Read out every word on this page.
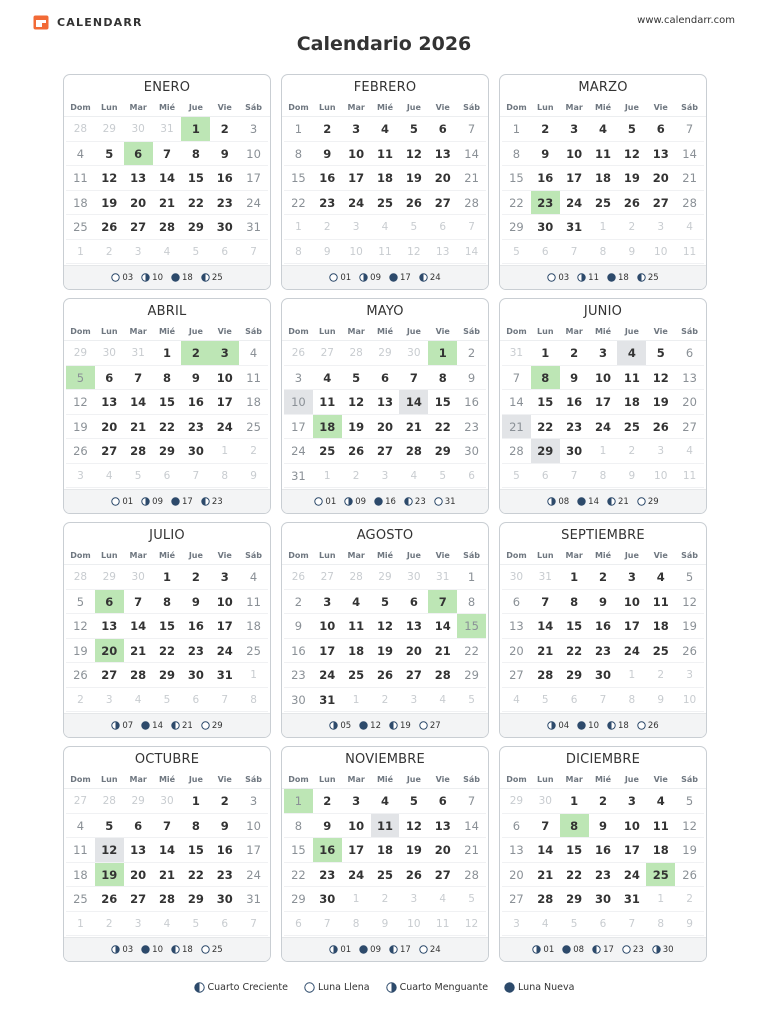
CALENDARR	www.calendarr.com
Calendario 2026
ENERO
Dom	Lun	Mar	Mié	Jue	Vie	Sáb
28	29	30	31	1	2	3
4	5	6	7	8	9	10
11	12	13	14	15	16	17
18	19	20	21	22	23	24
25	26	27	28	29	30	31
1	2	3	4	5	6	7
03 10 18 25
FEBRERO
Dom	Lun	Mar	Mié	Jue	Vie	Sáb
1	2	3	4	5	6	7
8	9	10	11	12	13	14
15	16	17	18	19	20	21
22	23	24	25	26	27	28
1	2	3	4	5	6	7
8	9	10	11	12	13	14
01 09 17 24
MARZO
Dom	Lun	Mar	Mié	Jue	Vie	Sáb
1	2	3	4	5	6	7
8	9	10	11	12	13	14
15	16	17	18	19	20	21
22	23	24	25	26	27	28
29	30	31	1	2	3	4
5	6	7	8	9	10	11
03 11 18 25
ABRIL
Dom	Lun	Mar	Mié	Jue	Vie	Sáb
29	30	31	1	2	3	4
5	6	7	8	9	10	11
12	13	14	15	16	17	18
19	20	21	22	23	24	25
26	27	28	29	30	1	2
3	4	5	6	7	8	9
01 09 17 23
MAYO
Dom	Lun	Mar	Mié	Jue	Vie	Sáb
26	27	28	29	30	1	2
3	4	5	6	7	8	9
10	11	12	13	14	15	16
17	18	19	20	21	22	23
24	25	26	27	28	29	30
31	1	2	3	4	5	6
01 09 16 23 31
JUNIO
Dom	Lun	Mar	Mié	Jue	Vie	Sáb
31	1	2	3	4	5	6
7	8	9	10	11	12	13
14	15	16	17	18	19	20
21	22	23	24	25	26	27
28	29	30	1	2	3	4
5	6	7	8	9	10	11
08 14 21 29
JULIO
Dom	Lun	Mar	Mié	Jue	Vie	Sáb
28	29	30	1	2	3	4
5	6	7	8	9	10	11
12	13	14	15	16	17	18
19	20	21	22	23	24	25
26	27	28	29	30	31	1
2	3	4	5	6	7	8
07 14 21 29
AGOSTO
Dom	Lun	Mar	Mié	Jue	Vie	Sáb
26	27	28	29	30	31	1
2	3	4	5	6	7	8
9	10	11	12	13	14	15
16	17	18	19	20	21	22
23	24	25	26	27	28	29
30	31	1	2	3	4	5
05 12 19 27
SEPTIEMBRE
Dom	Lun	Mar	Mié	Jue	Vie	Sáb
30	31	1	2	3	4	5
6	7	8	9	10	11	12
13	14	15	16	17	18	19
20	21	22	23	24	25	26
27	28	29	30	1	2	3
4	5	6	7	8	9	10
04 10 18 26
OCTUBRE
Dom	Lun	Mar	Mié	Jue	Vie	Sáb
27	28	29	30	1	2	3
4	5	6	7	8	9	10
11	12	13	14	15	16	17
18	19	20	21	22	23	24
25	26	27	28	29	30	31
1	2	3	4	5	6	7
03 10 18 25
NOVIEMBRE
Dom	Lun	Mar	Mié	Jue	Vie	Sáb
1	2	3	4	5	6	7
8	9	10	11	12	13	14
15	16	17	18	19	20	21
22	23	24	25	26	27	28
29	30	1	2	3	4	5
6	7	8	9	10	11	12
01 09 17 24
DICIEMBRE
Dom	Lun	Mar	Mié	Jue	Vie	Sáb
29	30	1	2	3	4	5
6	7	8	9	10	11	12
13	14	15	16	17	18	19
20	21	22	23	24	25	26
27	28	29	30	31	1	2
3	4	5	6	7	8	9
01 08 17 23 30
Cuarto Creciente	Luna Llena	Cuarto Menguante	Luna Nueva
